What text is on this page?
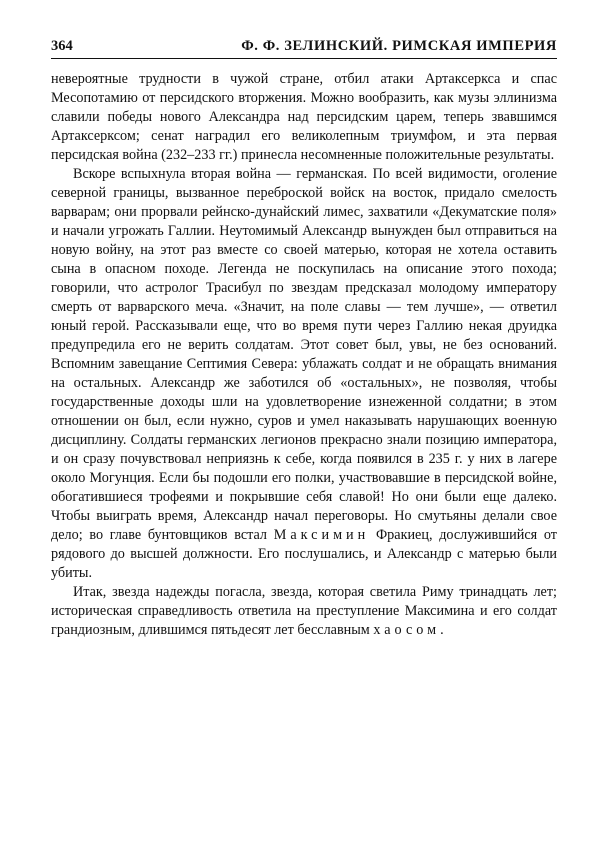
364	Ф. Ф. ЗЕЛИНСКИЙ. РИМСКАЯ ИМПЕРИЯ

невероятные трудности в чужой стране, отбил атаки Артаксеркса и спас Месопотамию от персидского вторжения. Можно вообразить, как музы эллинизма славили победы нового Александра над персидским царем, теперь звавшимся Артаксерксом; сенат наградил его великолепным триумфом, и эта первая персидская война (232–233 гг.) принесла несомненные положительные результаты.

Вскоре вспыхнула вторая война — германская. По всей видимости, оголение северной границы, вызванное переброской войск на восток, придало смелость варварам; они прорвали рейнско-дунайский лимес, захватили «Декуматские поля» и начали угрожать Галлии. Неутомимый Александр вынужден был отправиться на новую войну, на этот раз вместе со своей матерью, которая не хотела оставить сына в опасном походе. Легенда не поскупилась на описание этого похода; говорили, что астролог Трасибул по звездам предсказал молодому императору смерть от варварского меча. «Значит, на поле славы — тем лучше», — ответил юный герой. Рассказывали еще, что во время пути через Галлию некая друидка предупредила его не верить солдатам. Этот совет был, увы, не без оснований. Вспомним завещание Септимия Севера: ублажать солдат и не обращать внимания на остальных. Александр же заботился об «остальных», не позволяя, чтобы государственные доходы шли на удовлетворение изнеженной солдатни; в этом отношении он был, если нужно, суров и умел наказывать нарушающих военную дисциплину. Солдаты германских легионов прекрасно знали позицию императора, и он сразу почувствовал неприязнь к себе, когда появился в 235 г. у них в лагере около Могунция. Если бы подошли его полки, участвовавшие в персидской войне, обогатившиеся трофеями и покрывшие себя славой! Но они были еще далеко. Чтобы выиграть время, Александр начал переговоры. Но смутьяны делали свое дело; во главе бунтовщиков встал Максимин Фракиец, дослужившийся от рядового до высшей должности. Его послушались, и Александр с матерью были убиты.

Итак, звезда надежды погасла, звезда, которая светила Риму тринадцать лет; историческая справедливость ответила на преступление Максимина и его солдат грандиозным, длившимся пятьдесят лет бесславным хаосом.
